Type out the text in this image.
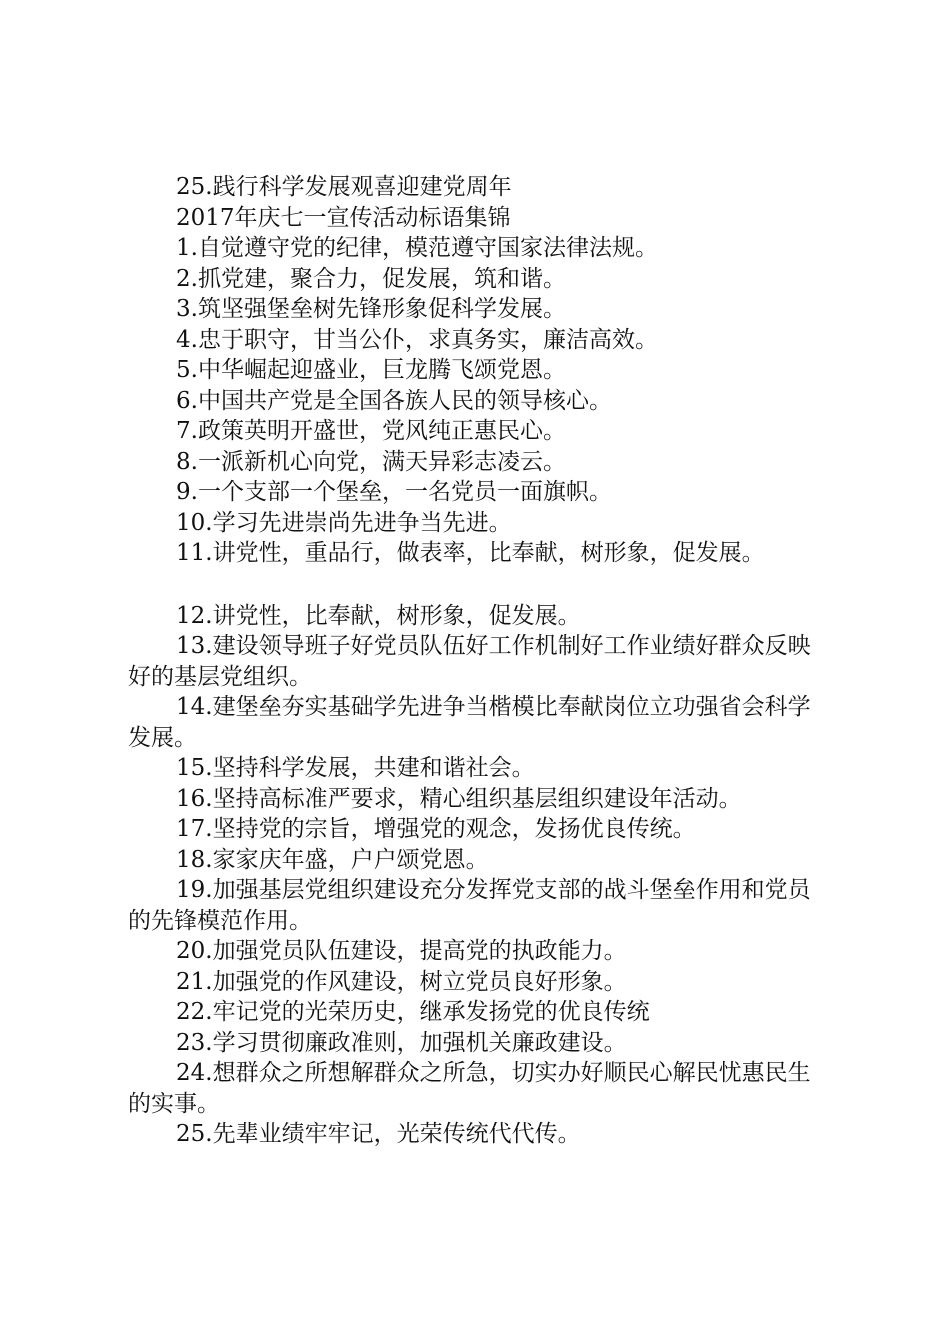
25.践行科学发展观喜迎建党周年

2017年庆七一宣传活动标语集锦

1.自觉遵守党的纪律，模范遵守国家法律法规。

2.抓党建，聚合力，促发展，筑和谐。

3.筑坚强堡垒树先锋形象促科学发展。

4.忠于职守，甘当公仆，求真务实，廉洁高效。

5.中华崛起迎盛业，巨龙腾飞颂党恩。

6.中国共产党是全国各族人民的领导核心。

7.政策英明开盛世，党风纯正惠民心。

8.一派新机心向党，满天异彩志凌云。

9.一个支部一个堡垒，一名党员一面旗帜。

10.学习先进崇尚先进争当先进。

11.讲党性，重品行，做表率，比奉献，树形象，促发展。

12.讲党性，比奉献，树形象，促发展。

13.建设领导班子好党员队伍好工作机制好工作业绩好群众反映好的基层党组织。

14.建堡垒夯实基础学先进争当楷模比奉献岗位立功强省会科学发展。

15.坚持科学发展，共建和谐社会。

16.坚持高标准严要求，精心组织基层组织建设年活动。

17.坚持党的宗旨，增强党的观念，发扬优良传统。

18.家家庆年盛，户户颂党恩。

19.加强基层党组织建设充分发挥党支部的战斗堡垒作用和党员的先锋模范作用。

20.加强党员队伍建设，提高党的执政能力。

21.加强党的作风建设，树立党员良好形象。

22.牢记党的光荣历史，继承发扬党的优良传统

23.学习贯彻廉政准则，加强机关廉政建设。

24.想群众之所想解群众之所急，切实办好顺民心解民忧惠民生的实事。

25.先辈业绩牢牢记，光荣传统代代传。
